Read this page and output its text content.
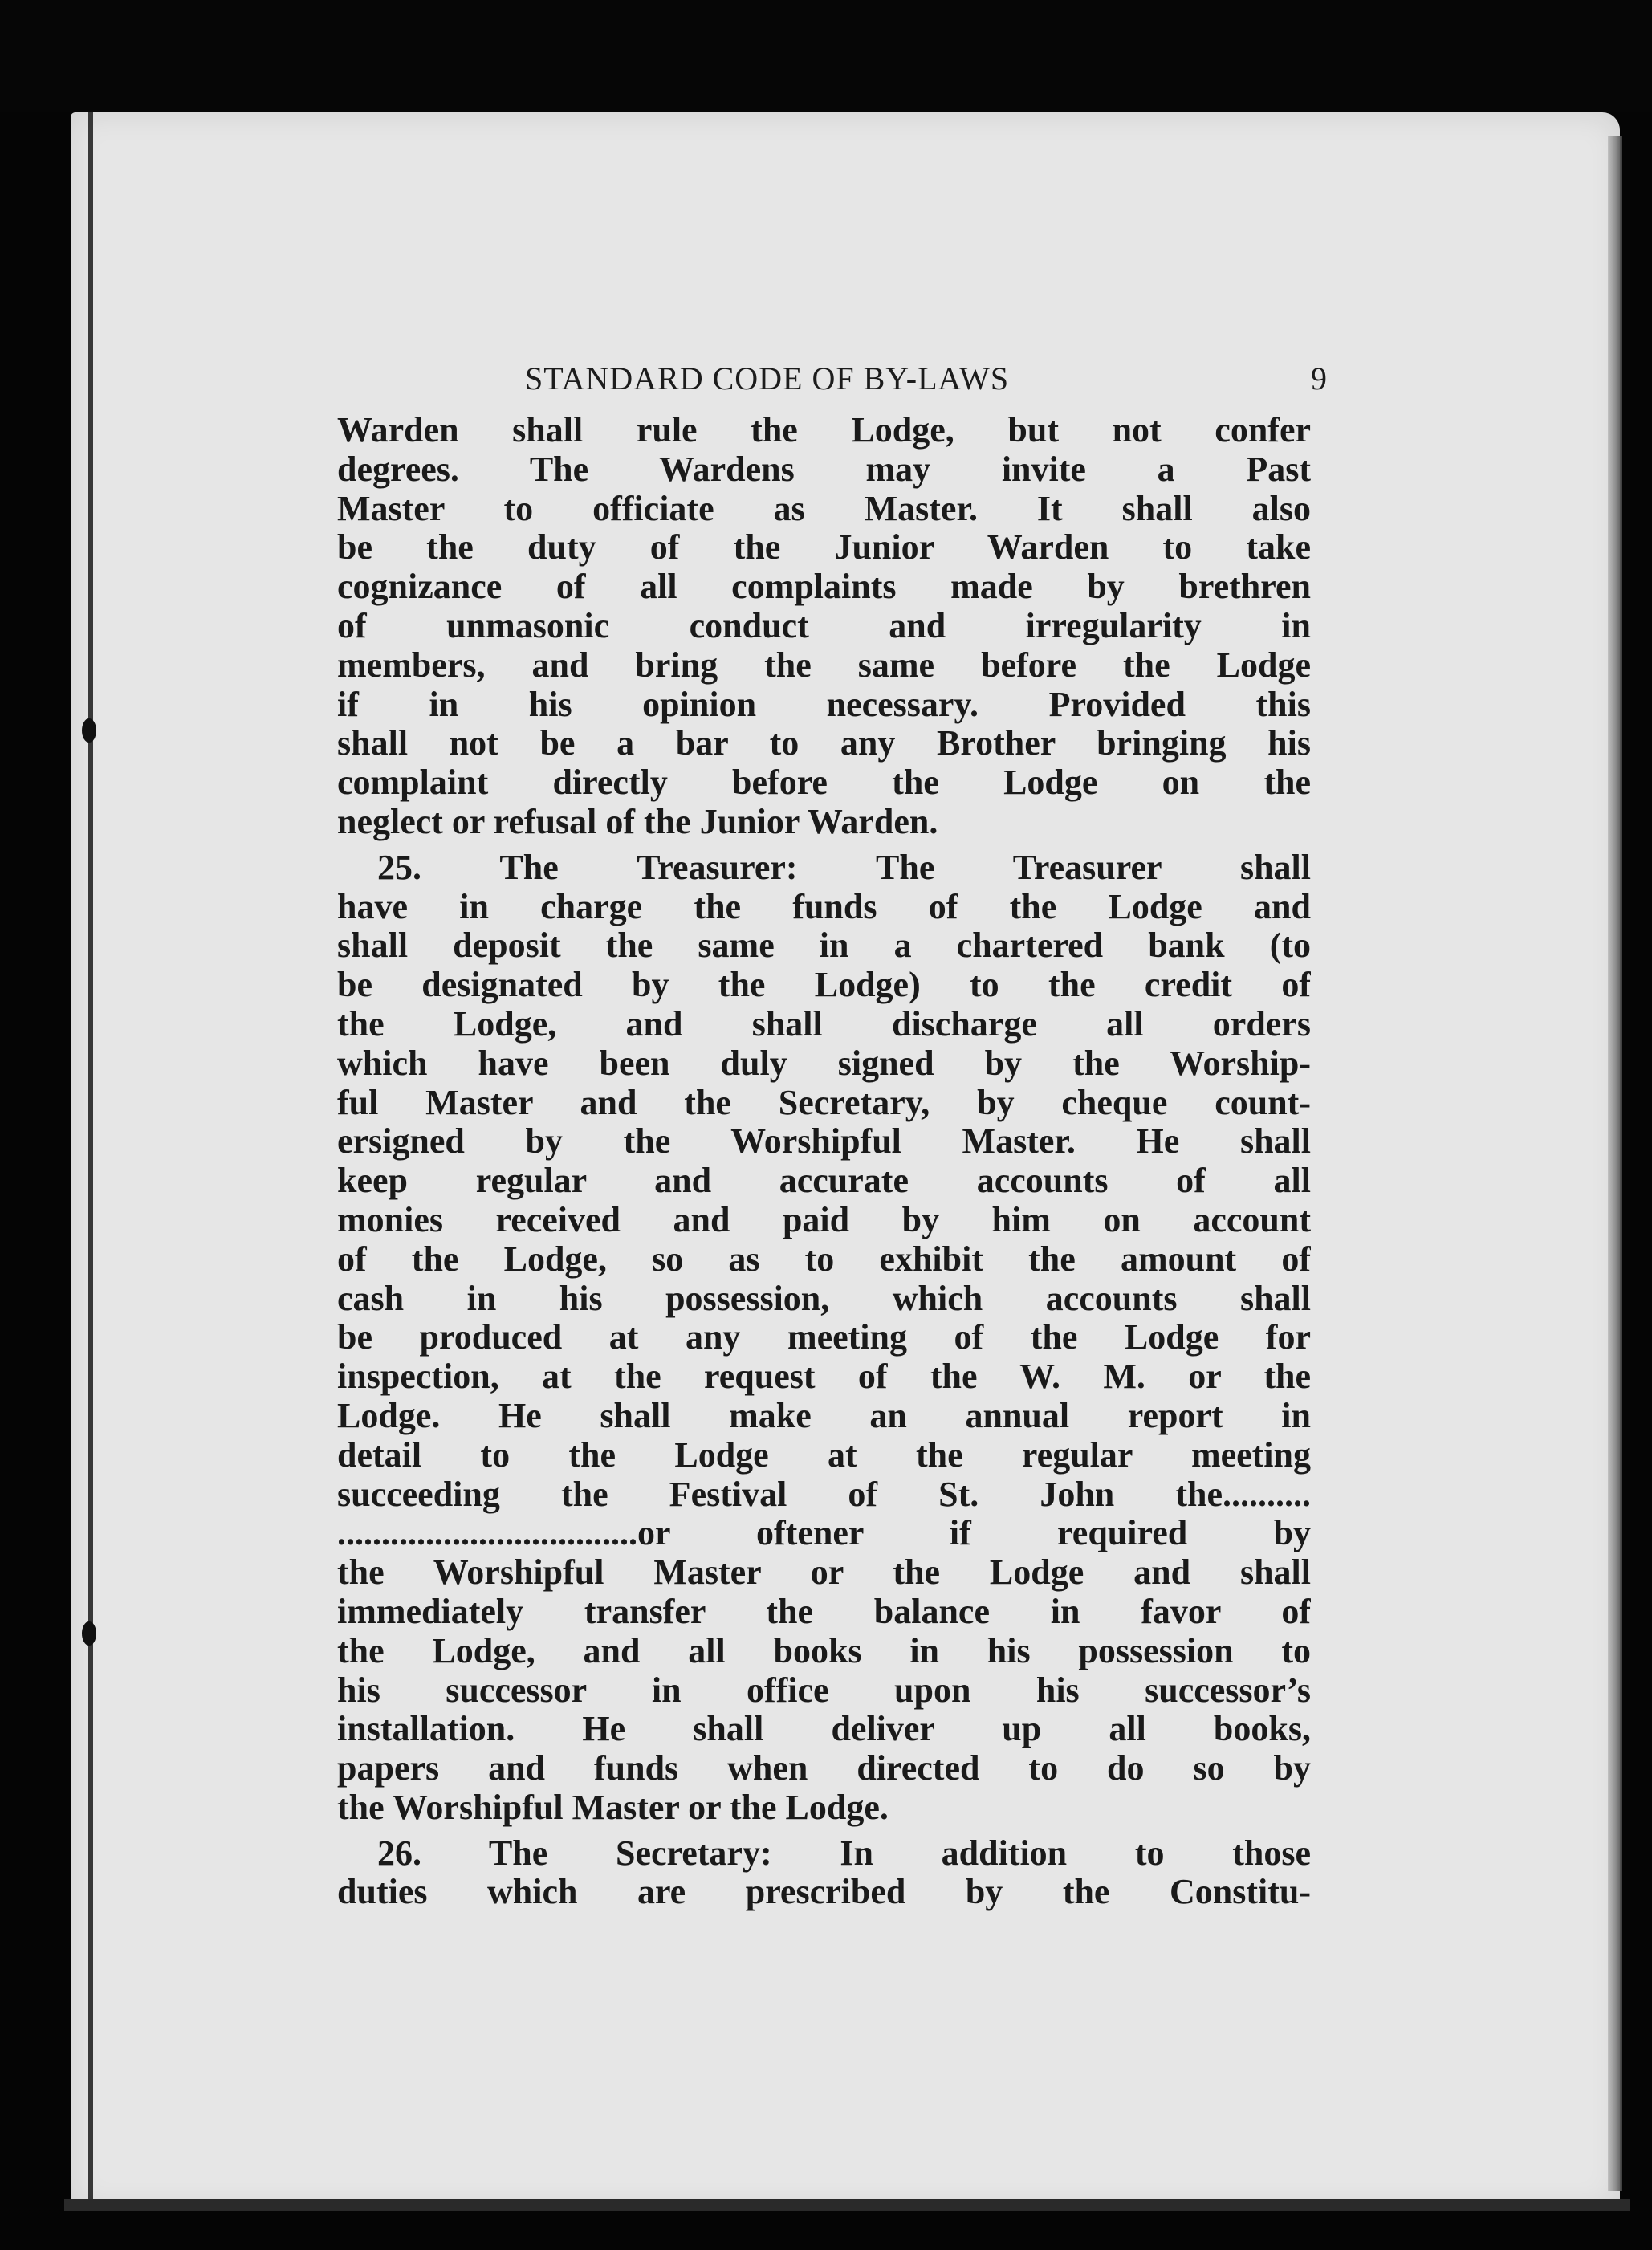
STANDARD CODE OF BY-LAWS	9
Warden shall rule the Lodge, but not confer
degrees. The Wardens may invite a Past
Master to officiate as Master. It shall also
be the duty of the Junior Warden to take
cognizance of all complaints made by brethren
of unmasonic conduct and irregularity in
members, and bring the same before the Lodge
if in his opinion necessary. Provided this
shall not be a bar to any Brother bringing his
complaint directly before the Lodge on the
neglect or refusal of the Junior Warden.
25. The Treasurer: The Treasurer shall
have in charge the funds of the Lodge and
shall deposit the same in a chartered bank (to
be designated by the Lodge) to the credit of
the Lodge, and shall discharge all orders
which have been duly signed by the Worship-
ful Master and the Secretary, by cheque count-
ersigned by the Worshipful Master. He shall
keep regular and accurate accounts of all
monies received and paid by him on account
of the Lodge, so as to exhibit the amount of
cash in his possession, which accounts shall
be produced at any meeting of the Lodge for
inspection, at the request of the W. M. or the
Lodge. He shall make an annual report in
detail to the Lodge at the regular meeting
succeeding the Festival of St. John the..........
..................................or oftener if required by
the Worshipful Master or the Lodge and shall
immediately transfer the balance in favor of
the Lodge, and all books in his possession to
his successor in office upon his successor’s
installation. He shall deliver up all books,
papers and funds when directed to do so by
the Worshipful Master or the Lodge.
26. The Secretary: In addition to those
duties which are prescribed by the Constitu-
